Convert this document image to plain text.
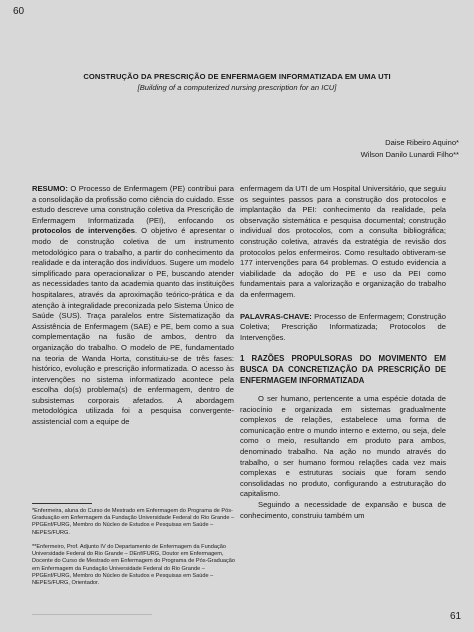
60
CONSTRUÇÃO DA PRESCRIÇÃO DE ENFERMAGEM INFORMATIZADA EM UMA UTI
[Building of a computerized nursing prescription for an ICU]
Daise Ribeiro Aquino*
Wilson Danilo Lunardi Filho**

RESUMO: O Processo de Enfermagem (PE) contribui para a consolidação da profissão como ciência do cuidado. Esse estudo descreve uma construção coletiva da Prescrição de Enfermagem Informatizada (PEI), enfocando os protocolos de intervenções. O objetivo é apresentar o modo de construção coletiva de um instrumento metodológico para o trabalho, a partir do conhecimento da realidade e da interação dos indivíduos. Sugere um modelo simplificado para operacionalizar o PE, buscando atender as necessidades tanto da academia quanto das instituições hospitalares, através da aproximação teórico-prática e da atenção à integralidade preconizada pelo Sistema Único de Saúde (SUS). Traça paralelos entre Sistematização da Assistência de Enfermagem (SAE) e PE, bem como a sua complementação na fusão de ambos, dentro da organização do trabalho. O modelo de PE, fundamentado na teoria de Wanda Horta, constituiu-se de três fases: histórico, evolução e prescrição informatizada. O acesso às intervenções no sistema informatizado acontece pela escolha do(s) problema(s) de enfermagem, dentro de subsistemas corporais afetados. A abordagem metodológica utilizada foi a pesquisa convergente-assistencial com a equipe de

*Enfermeira, aluna do Curso de Mestrado em Enfermagem do Programa de Pós-Graduação em Enfermagem da Fundação Universidade Federal do Rio Grande – PPGEnf/FURG, Membro do Núcleo de Estudos e Pesquisas em Saúde – NEPES/FURG.
**Enfermeiro, Prof. Adjunto IV do Departamento de Enfermagem da Fundação Universidade Federal do Rio Grande – DEnf/FURG, Doutor em Enfermagem, Docente do Curso de Mestrado em Enfermagem do Programa de Pós-Graduação em Enfermagem da Fundação Universidade Federal do Rio Grande – PPGEnf/FURG, Membro do Núcleo de Estudos e Pesquisas em Saúde – NEPES/FURG, Orientador.

enfermagem da UTI de um Hospital Universitário, que seguiu os seguintes passos para a construção dos protocolos e implantação da PEI: conhecimento da realidade, pela observação sistemática e pesquisa documental; construção individual dos protocolos, com a consulta bibliográfica; construção coletiva, através da estratégia de revisão dos protocolos pelos enfermeiros. Como resultado obtiveram-se 177 intervenções para 64 problemas. O estudo evidencia a viabilidade da adoção do PE e uso da PEI como fundamentais para a valorização e organização do trabalho da enfermagem.

PALAVRAS-CHAVE: Processo de Enfermagem; Construção Coletiva; Prescrição Informatizada; Protocolos de Intervenções.

1 RAZÕES PROPULSORAS DO MOVIMENTO EM BUSCA DA CONCRETIZAÇÃO DA PRESCRIÇÃO DE ENFERMAGEM INFORMATIZADA

O ser humano, pertencente a uma espécie dotada de raciocínio e organizada em sistemas gradualmente complexos de relações, estabelece uma forma de comunicação entre o mundo interno e externo, ou seja, dele como o meio, resultando em produto para ambos, denominado trabalho. Na ação no mundo através do trabalho, o ser humano formou relações cada vez mais complexas e estruturas sociais que foram sendo consolidadas no produto, configurando a estruturação do capitalismo.

Seguindo a necessidade de expansão e busca de conhecimento, construiu também um

61
